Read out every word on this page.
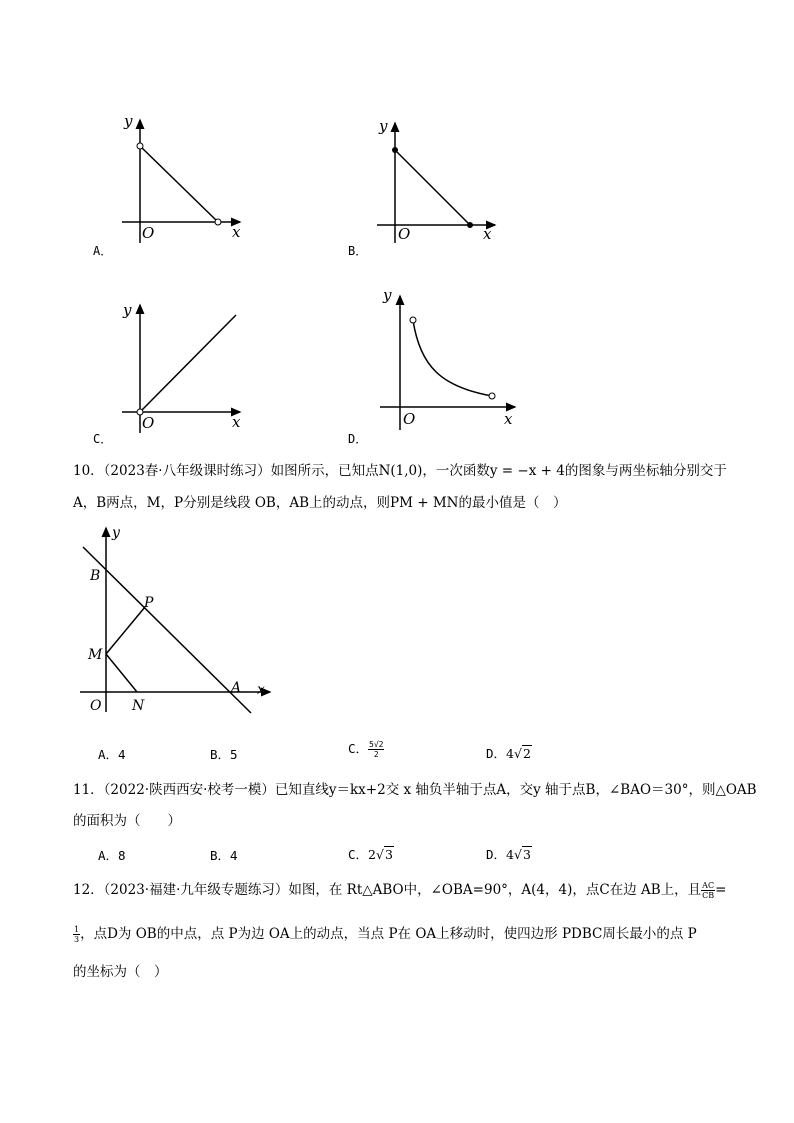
y
x
O
A．
y
x
O
B．
y
x
O
C．
y
x
O
D．
10．（2023春·八年级课时练习）如图所示，已知点N(1,0)，一次函数y = −x + 4的图象与两坐标轴分别交于
A，B两点，M，P分别是线段 OB，AB上的动点，则PM + MN的最小值是（　）
y
x
B
P
M
A
O N
A．4	B．5	C． $\frac{5√2}{2}$	D．4√2
11．（2022·陕西西安·校考一模）已知直线y＝kx+2交 x 轴负半轴于点A，交y 轴于点B，∠BAO＝30°，则△OAB
的面积为（　　）
A．8	B．4	C．2√3	D．4√3
12．（2023·福建·九年级专题练习）如图，在 Rt△ABO中，∠OBA=90°，A(4，4)，点C在边 AB上，且 $\frac{AC}{CB}$ =
$\frac{1}{3}$ ，点D为 OB的中点，点 P为边 OA上的动点，当点 P在 OA上移动时，使四边形 PDBC周长最小的点 P
的坐标为（　）
